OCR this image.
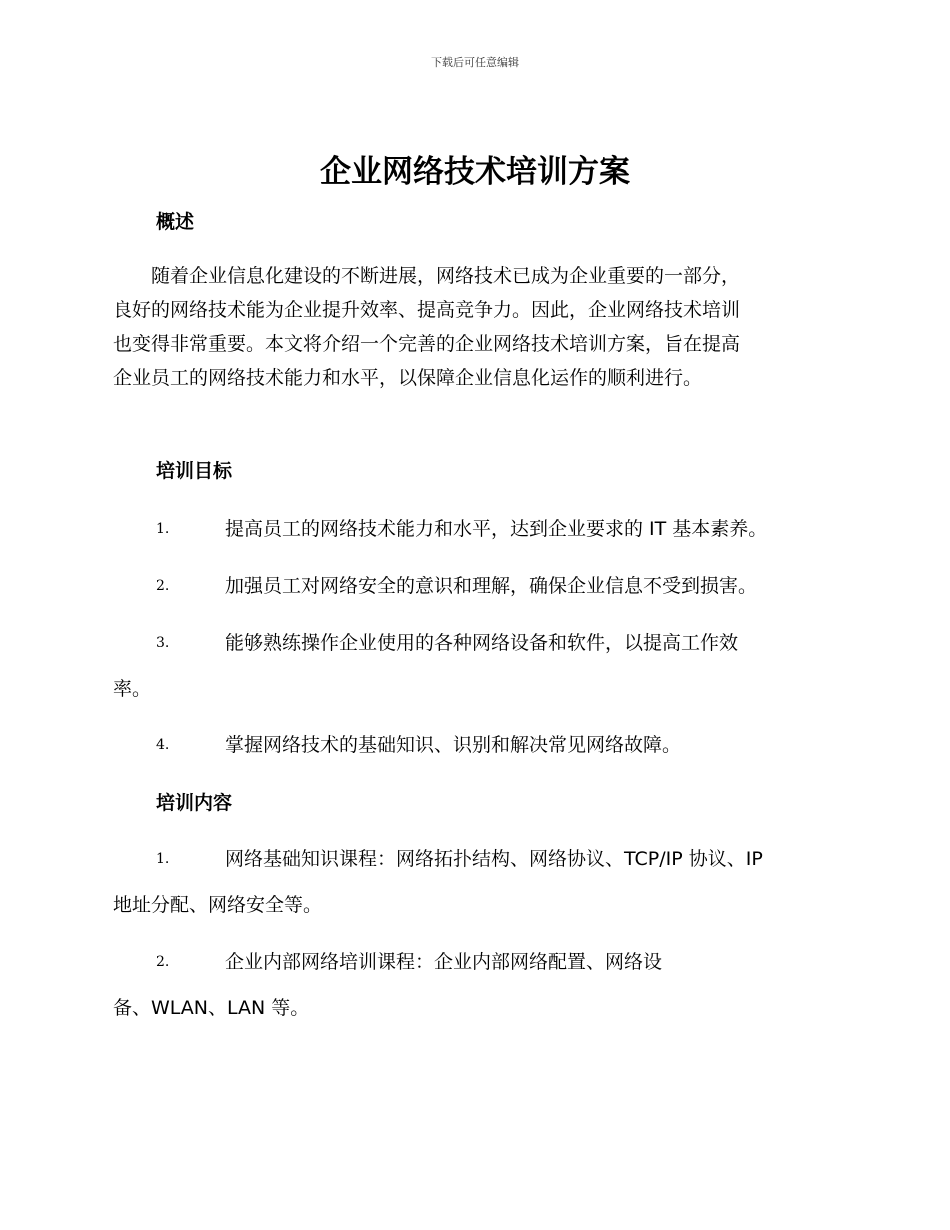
下载后可任意编辑
企业网络技术培训方案
概述

　　随着企业信息化建设的不断进展，网络技术已成为企业重要的一部分，
良好的网络技术能为企业提升效率、提高竞争力。因此，企业网络技术培训
也变得非常重要。本文将介绍一个完善的企业网络技术培训方案，旨在提高
企业员工的网络技术能力和水平，以保障企业信息化运作的顺利进行。

培训目标
1.	提高员工的网络技术能力和水平，达到企业要求的 IT 基本素养。
2.	加强员工对网络安全的意识和理解，确保企业信息不受到损害。
3.	能够熟练操作企业使用的各种网络设备和软件，以提高工作效
率。
4.	掌握网络技术的基础知识、识别和解决常见网络故障。
培训内容
1.	网络基础知识课程：网络拓扑结构、网络协议、TCP/IP 协议、IP
地址分配、网络安全等。
2.	企业内部网络培训课程：企业内部网络配置、网络设
备、WLAN、LAN 等。
